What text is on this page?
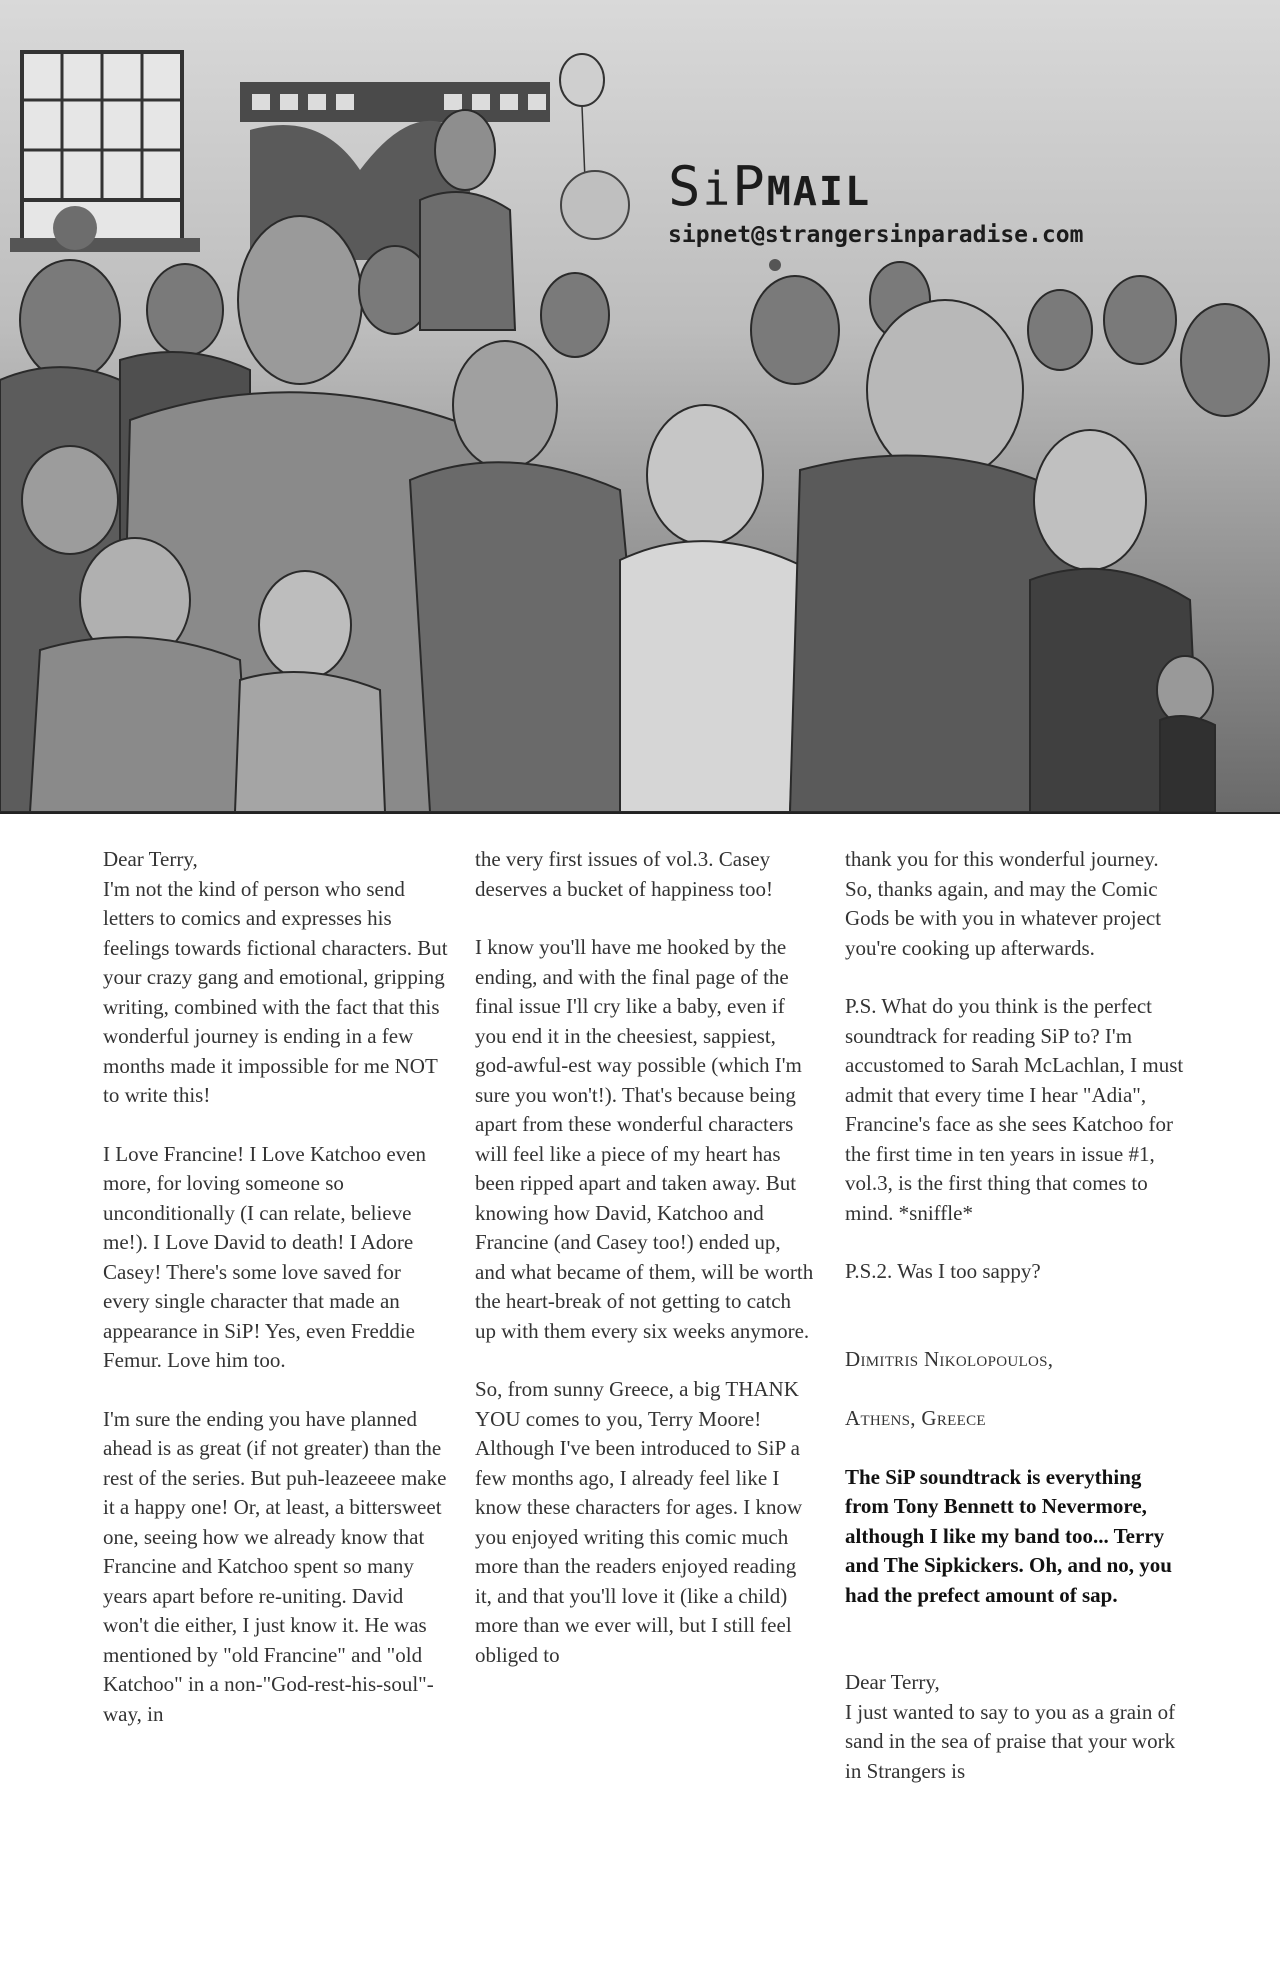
SiPMAIL
sipnet@strangersinparadise.com

Dear Terry,
I'm not the kind of person who send letters to comics and expresses his feelings towards fictional characters. But your crazy gang and emotional, gripping writing, combined with the fact that this wonderful journey is ending in a few months made it impossible for me NOT to write this!

I Love Francine! I Love Katchoo even more, for loving someone so unconditionally (I can relate, believe me!). I Love David to death! I Adore Casey! There's some love saved for every single character that made an appearance in SiP! Yes, even Freddie Femur. Love him too.

I'm sure the ending you have planned ahead is as great (if not greater) than the rest of the series. But puh-leazeeee make it a happy one! Or, at least, a bittersweet one, seeing how we already know that Francine and Katchoo spent so many years apart before re-uniting. David won't die either, I just know it. He was mentioned by "old Francine" and "old Katchoo" in a non-"God-rest-his-soul"-way, in

the very first issues of vol.3. Casey deserves a bucket of happiness too!

I know you'll have me hooked by the ending, and with the final page of the final issue I'll cry like a baby, even if you end it in the cheesiest, sappiest, god-awful-est way possible (which I'm sure you won't!). That's because being apart from these wonderful characters will feel like a piece of my heart has been ripped apart and taken away. But knowing how David, Katchoo and Francine (and Casey too!) ended up, and what became of them, will be worth the heart-break of not getting to catch up with them every six weeks anymore.

So, from sunny Greece, a big THANK YOU comes to you, Terry Moore! Although I've been introduced to SiP a few months ago, I already feel like I know these characters for ages. I know you enjoyed writing this comic much more than the readers enjoyed reading it, and that you'll love it (like a child) more than we ever will, but I still feel obliged to

thank you for this wonderful journey. So, thanks again, and may the Comic Gods be with you in whatever project you're cooking up afterwards.

P.S. What do you think is the perfect soundtrack for reading SiP to? I'm accustomed to Sarah McLachlan, I must admit that every time I hear "Adia", Francine's face as she sees Katchoo for the first time in ten years in issue #1, vol.3, is the first thing that comes to mind. *sniffle*

P.S.2. Was I too sappy?

Dimitris Nikolopoulos,

Athens, Greece

The SiP soundtrack is everything from Tony Bennett to Nevermore, although I like my band too... Terry and The Sipkickers. Oh, and no, you had the prefect amount of sap.

Dear Terry,
I just wanted to say to you as a grain of sand in the sea of praise that your work in Strangers is
